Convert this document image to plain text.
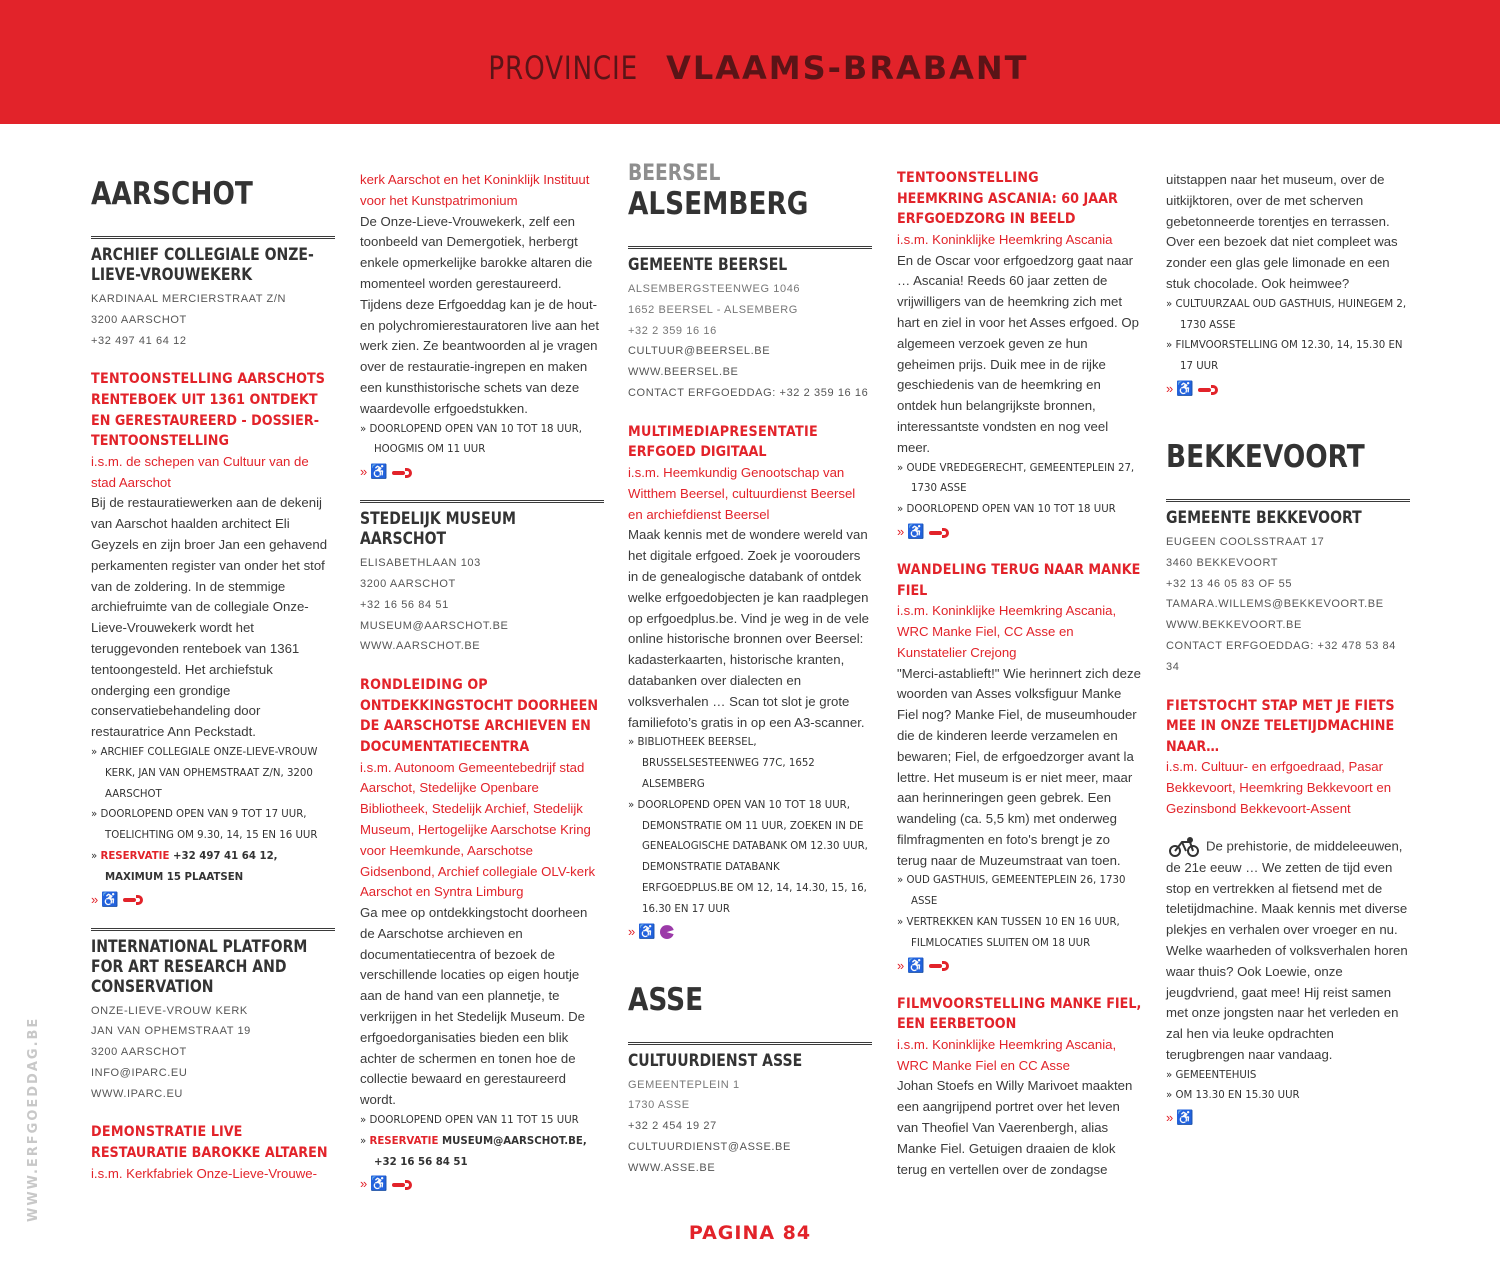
PROVINCIE VLAAMS-BRABANT
WWW.ERFGOEDDAG.BE
AARSCHOT
ARCHIEF COLLEGIALE ONZE-LIEVE-VROUWEKERK

KARDINAAL MERCIERSTRAAT Z/N

3200 AARSCHOT

+32 497 41 64 12

TENTOONSTELLING AARSCHOTS RENTEBOEK UIT 1361 ONTDEKT EN GERESTAUREERD - DOSSIER-TENTOONSTELLING

i.s.m. de schepen van Cultuur van de stad Aarschot

Bij de restauratiewerken aan de dekenij van Aarschot haalden architect Eli Geyzels en zijn broer Jan een gehavend perkamenten register van onder het stof van de zoldering. In de stemmige archiefruimte van de collegiale Onze-Lieve-Vrouwekerk wordt het teruggevonden renteboek van 1361 tentoongesteld. Het archiefstuk onderging een grondige conservatiebehandeling door restauratrice Ann Peckstadt.

» ARCHIEF COLLEGIALE ONZE-LIEVE-VROUW KERK, JAN VAN OPHEMSTRAAT Z/N, 3200 AARSCHOT

» DOORLOPEND OPEN VAN 9 TOT 17 UUR, TOELICHTING OM 9.30, 14, 15 EN 16 UUR

» RESERVATIE +32 497 41 64 12, MAXIMUM 15 PLAATSEN

» ♿

INTERNATIONAL PLATFORM FOR ART RESEARCH AND CONSERVATION

ONZE-LIEVE-VROUW KERK

JAN VAN OPHEMSTRAAT 19

3200 AARSCHOT

INFO@IPARC.EU

WWW.IPARC.EU

DEMONSTRATIE LIVE RESTAURATIE BAROKKE ALTAREN

i.s.m. Kerkfabriek Onze-Lieve-Vrouwe-

kerk Aarschot en het Koninklijk Instituut voor het Kunstpatrimonium

De Onze-Lieve-Vrouwekerk, zelf een toonbeeld van Demergotiek, herbergt enkele opmerkelijke barokke altaren die momenteel worden gerestaureerd. Tijdens deze Erfgoeddag kan je de hout- en polychromierestauratoren live aan het werk zien. Ze beantwoorden al je vragen over de restauratie-ingrepen en maken een kunsthistorische schets van deze waardevolle erfgoedstukken.

» DOORLOPEND OPEN VAN 10 TOT 18 UUR, HOOGMIS OM 11 UUR

» ♿

STEDELIJK MUSEUM AARSCHOT

ELISABETHLAAN 103

3200 AARSCHOT

+32 16 56 84 51

MUSEUM@AARSCHOT.BE

WWW.AARSCHOT.BE

RONDLEIDING OP ONTDEKKINGSTOCHT DOORHEEN DE AARSCHOTSE ARCHIEVEN EN DOCUMENTATIECENTRA

i.s.m. Autonoom Gemeentebedrijf stad Aarschot, Stedelijke Openbare Bibliotheek, Stedelijk Archief, Stedelijk Museum, Hertogelijke Aarschotse Kring voor Heemkunde, Aarschotse Gidsenbond, Archief collegiale OLV-kerk Aarschot en Syntra Limburg

Ga mee op ontdekkingstocht doorheen de Aarschotse archieven en documentatiecentra of bezoek de verschillende locaties op eigen houtje aan de hand van een plannetje, te verkrijgen in het Stedelijk Museum. De erfgoedorganisaties bieden een blik achter de schermen en tonen hoe de collectie bewaard en gerestaureerd wordt.

» DOORLOPEND OPEN VAN 11 TOT 15 UUR

» RESERVATIE MUSEUM@AARSCHOT.BE, +32 16 56 84 51

» ♿

BEERSEL
ALSEMBERG
GEMEENTE BEERSEL

ALSEMBERGSTEENWEG 1046

1652 BEERSEL - ALSEMBERG

+32 2 359 16 16

CULTUUR@BEERSEL.BE

WWW.BEERSEL.BE

CONTACT ERFGOEDDAG: +32 2 359 16 16

MULTIMEDIAPRESENTATIE ERFGOED DIGITAAL

i.s.m. Heemkundig Genootschap van Witthem Beersel, cultuurdienst Beersel en archiefdienst Beersel

Maak kennis met de wondere wereld van het digitale erfgoed. Zoek je voorouders in de genealogische databank of ontdek welke erfgoedobjecten je kan raadplegen op erfgoedplus.be. Vind je weg in de vele online historische bronnen over Beersel: kadasterkaarten, historische kranten, databanken over dialecten en volksverhalen … Scan tot slot je grote familiefoto’s gratis in op een A3-scanner.

» BIBLIOTHEEK BEERSEL, BRUSSELSESTEENWEG 77C, 1652 ALSEMBERG

» DOORLOPEND OPEN VAN 10 TOT 18 UUR, DEMONSTRATIE OM 11 UUR, ZOEKEN IN DE GENEALOGISCHE DATABANK OM 12.30 UUR, DEMONSTRATIE DATABANK ERFGOEDPLUS.BE OM 12, 14, 14.30, 15, 16, 16.30 EN 17 UUR

» ♿

ASSE
CULTUURDIENST ASSE

GEMEENTEPLEIN 1

1730 ASSE

+32 2 454 19 27

CULTUURDIENST@ASSE.BE

WWW.ASSE.BE

TENTOONSTELLING
HEEMKRING ASCANIA: 60 JAAR ERFGOEDZORG IN BEELD

i.s.m. Koninklijke Heemkring Ascania

En de Oscar voor erfgoedzorg gaat naar … Ascania! Reeds 60 jaar zetten de vrijwilligers van de heemkring zich met hart en ziel in voor het Asses erfgoed. Op algemeen verzoek geven ze hun geheimen prijs. Duik mee in de rijke geschiedenis van de heemkring en ontdek hun belangrijkste bronnen, interessantste vondsten en nog veel meer.

» OUDE VREDEGERECHT, GEMEENTEPLEIN 27, 1730 ASSE

» DOORLOPEND OPEN VAN 10 TOT 18 UUR

» ♿

WANDELING TERUG NAAR MANKE FIEL

i.s.m. Koninklijke Heemkring Ascania, WRC Manke Fiel, CC Asse en Kunstatelier Crejong

"Merci-astablieft!" Wie herinnert zich deze woorden van Asses volksfiguur Manke Fiel nog? Manke Fiel, de museumhouder die de kinderen leerde verzamelen en bewaren; Fiel, de erfgoedzorger avant la lettre. Het museum is er niet meer, maar aan herinneringen geen gebrek. Een wandeling (ca. 5,5 km) met onderweg filmfragmenten en foto's brengt je zo terug naar de Muzeumstraat van toen.

» OUD GASTHUIS, GEMEENTEPLEIN 26, 1730 ASSE

» VERTREKKEN KAN TUSSEN 10 EN 16 UUR, FILMLOCATIES SLUITEN OM 18 UUR

» ♿

FILMVOORSTELLING MANKE FIEL, EEN EERBETOON

i.s.m. Koninklijke Heemkring Ascania, WRC Manke Fiel en CC Asse

Johan Stoefs en Willy Marivoet maakten een aangrijpend portret over het leven van Theofiel Van Vaerenbergh, alias Manke Fiel. Getuigen draaien de klok terug en vertellen over de zondagse

uitstappen naar het museum, over de uitkijktoren, over de met scherven gebetonneerde torentjes en terrassen. Over een bezoek dat niet compleet was zonder een glas gele limonade en een stuk chocolade. Ook heimwee?

» CULTUURZAAL OUD GASTHUIS, HUINEGEM 2, 1730 ASSE

» FILMVOORSTELLING OM 12.30, 14, 15.30 EN 17 UUR

» ♿

BEKKEVOORT
GEMEENTE BEKKEVOORT

EUGEEN COOLSSTRAAT 17

3460 BEKKEVOORT

+32 13 46 05 83 OF 55

TAMARA.WILLEMS@BEKKEVOORT.BE

WWW.BEKKEVOORT.BE

CONTACT ERFGOEDDAG: +32 478 53 84 34

FIETSTOCHT STAP MET JE FIETS MEE IN ONZE TELETIJDMACHINE NAAR…

i.s.m. Cultuur- en erfgoedraad, Pasar Bekkevoort, Heemkring Bekkevoort en Gezinsbond Bekkevoort-Assent

De prehistorie, de middeleeuwen, de 21e eeuw … We zetten de tijd even stop en vertrekken al fietsend met de teletijdmachine. Maak kennis met diverse plekjes en verhalen over vroeger en nu. Welke waarheden of volksverhalen horen waar thuis? Ook Loewie, onze jeugdvriend, gaat mee! Hij reist samen met onze jongsten naar het verleden en zal hen via leuke opdrachten terugbrengen naar vandaag.

» GEMEENTEHUIS

» OM 13.30 EN 15.30 UUR

» ♿

PAGINA 84
